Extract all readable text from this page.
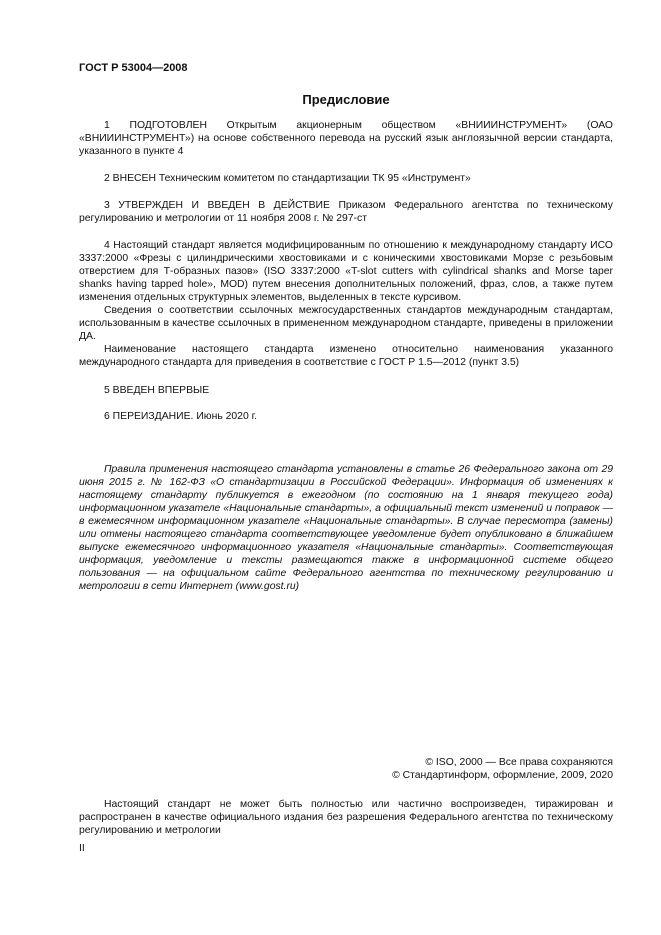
ГОСТ Р 53004—2008
Предисловие

1 ПОДГОТОВЛЕН Открытым акционерным обществом «ВНИИИНСТРУМЕНТ» (ОАО «ВНИИИНСТРУМЕНТ») на основе собственного перевода на русский язык англоязычной версии стандарта, указанного в пункте 4

2 ВНЕСЕН Техническим комитетом по стандартизации ТК 95 «Инструмент»

3 УТВЕРЖДЕН И ВВЕДЕН В ДЕЙСТВИЕ Приказом Федерального агентства по техническому регулированию и метрологии от 11 ноября 2008 г. № 297-ст

4 Настоящий стандарт является модифицированным по отношению к международному стандарту ИСО 3337:2000 «Фрезы с цилиндрическими хвостовиками и с коническими хвостовиками Морзе с резьбовым отверстием для Т-образных пазов» (ISO 3337:2000 «T-slot cutters with cylindrical shanks and Morse taper shanks having tapped hole», MOD) путем внесения дополнительных положений, фраз, слов, а также путем изменения отдельных структурных элементов, выделенных в тексте курсивом.

Сведения о соответствии ссылочных межгосударственных стандартов международным стандартам, использованным в качестве ссылочных в примененном международном стандарте, приведены в приложении ДА.

Наименование настоящего стандарта изменено относительно наименования указанного международного стандарта для приведения в соответствие с ГОСТ Р 1.5—2012 (пункт 3.5)

5 ВВЕДЕН ВПЕРВЫЕ

6 ПЕРЕИЗДАНИЕ. Июнь 2020 г.

Правила применения настоящего стандарта установлены в статье 26 Федерального закона от 29 июня 2015 г. № 162-ФЗ «О стандартизации в Российской Федерации». Информация об изменениях к настоящему стандарту публикуется в ежегодном (по состоянию на 1 января текущего года) информационном указателе «Национальные стандарты», а официальный текст изменений и поправок — в ежемесячном информационном указателе «Национальные стандарты». В случае пересмотра (замены) или отмены настоящего стандарта соответствующее уведомление будет опубликовано в ближайшем выпуске ежемесячного информационного указателя «Национальные стандарты». Соответствующая информация, уведомление и тексты размещаются также в информационной системе общего пользования — на официальном сайте Федерального агентства по техническому регулированию и метрологии в сети Интернет (www.gost.ru)

© ISO, 2000 — Все права сохраняются
© Стандартинформ, оформление, 2009, 2020

Настоящий стандарт не может быть полностью или частично воспроизведен, тиражирован и распространен в качестве официального издания без разрешения Федерального агентства по техническому регулированию и метрологии

II
